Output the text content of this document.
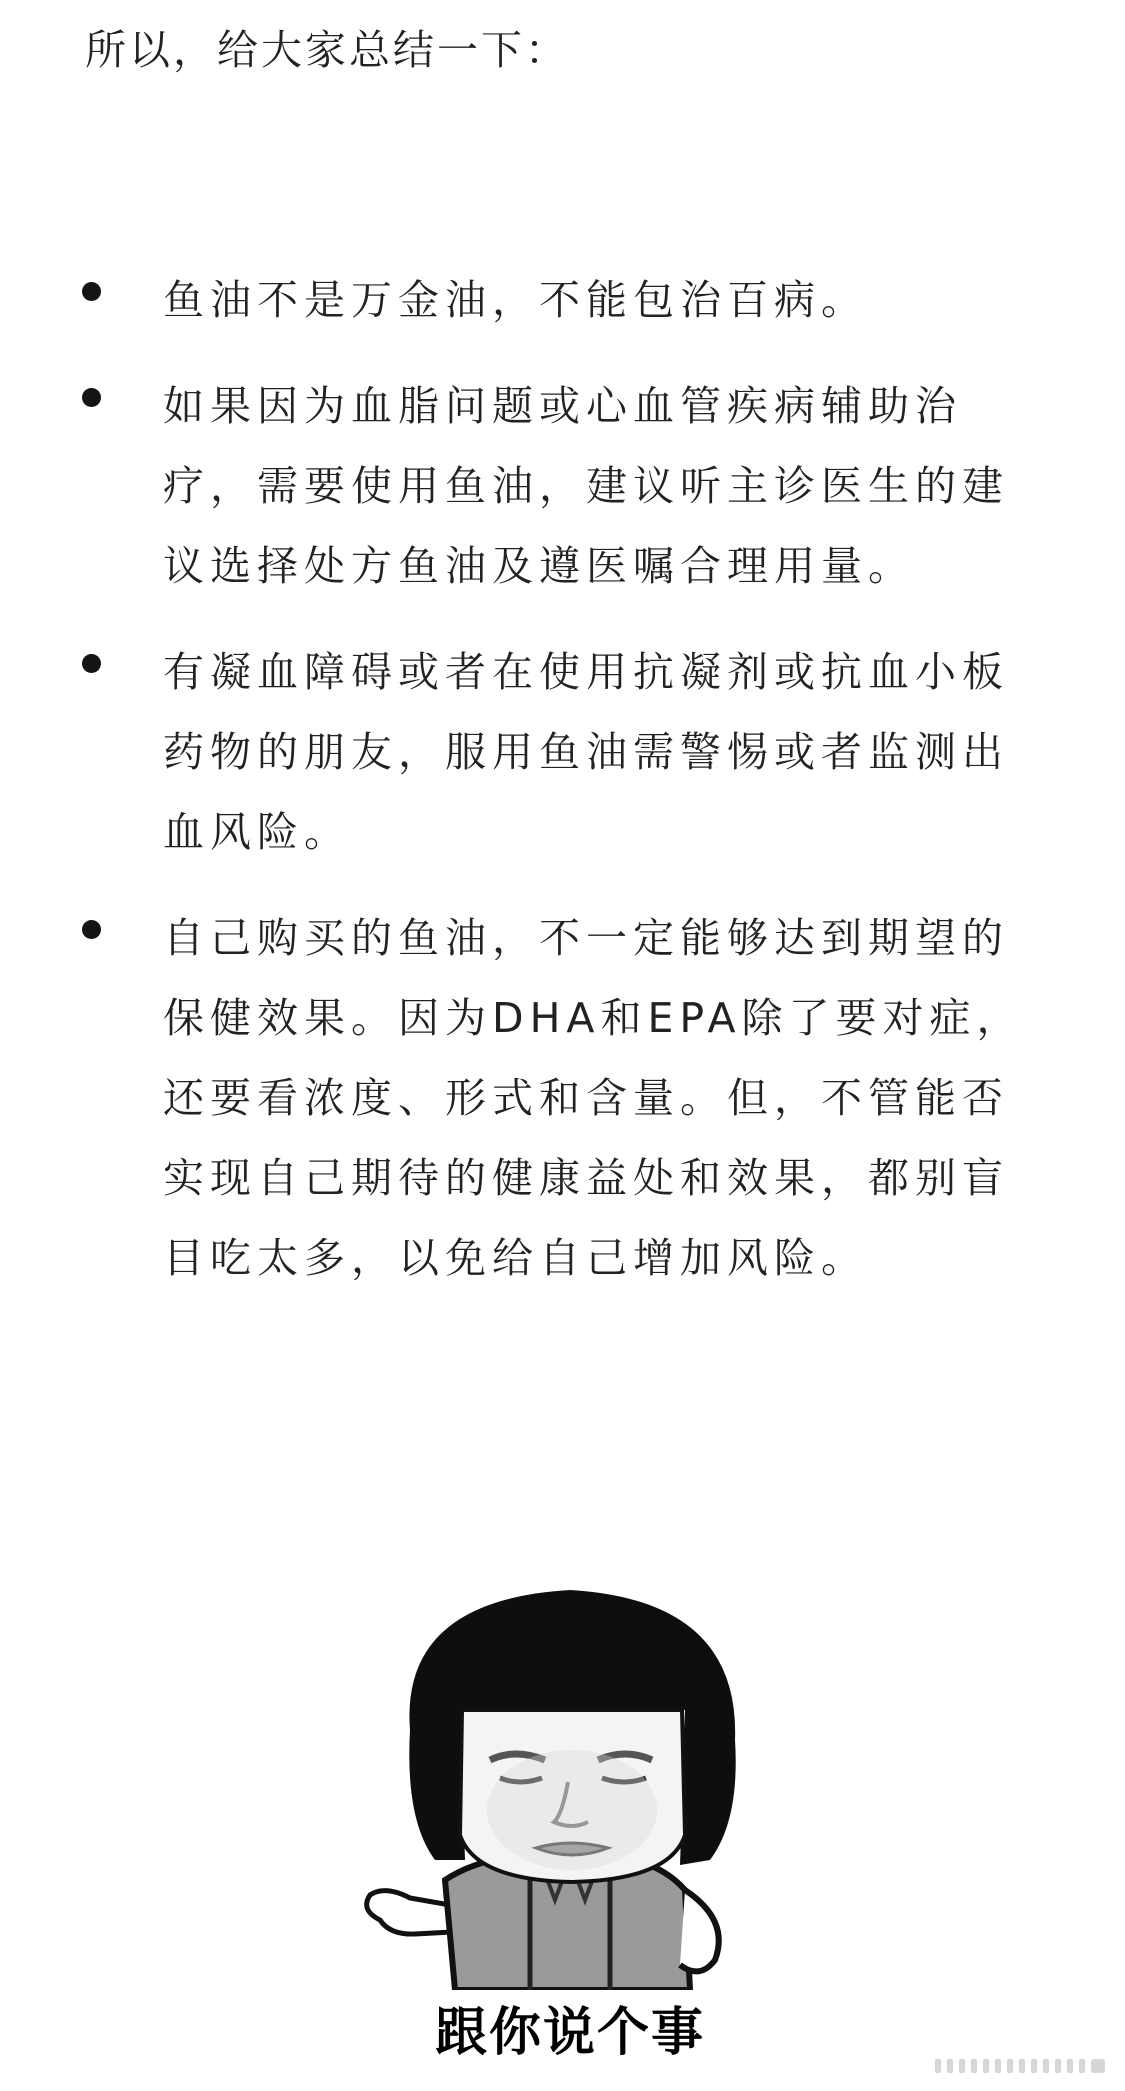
所以，给大家总结一下：

鱼油不是万金油，不能包治百病。
如果因为血脂问题或心血管疾病辅助治疗，需要使用鱼油，建议听主诊医生的建议选择处方鱼油及遵医嘱合理用量。
有凝血障碍或者在使用抗凝剂或抗血小板药物的朋友，服用鱼油需警惕或者监测出血风险。
自己购买的鱼油，不一定能够达到期望的保健效果。因为DHA和EPA除了要对症，还要看浓度、形式和含量。但，不管能否实现自己期待的健康益处和效果，都别盲目吃太多，以免给自己增加风险。
跟你说个事
